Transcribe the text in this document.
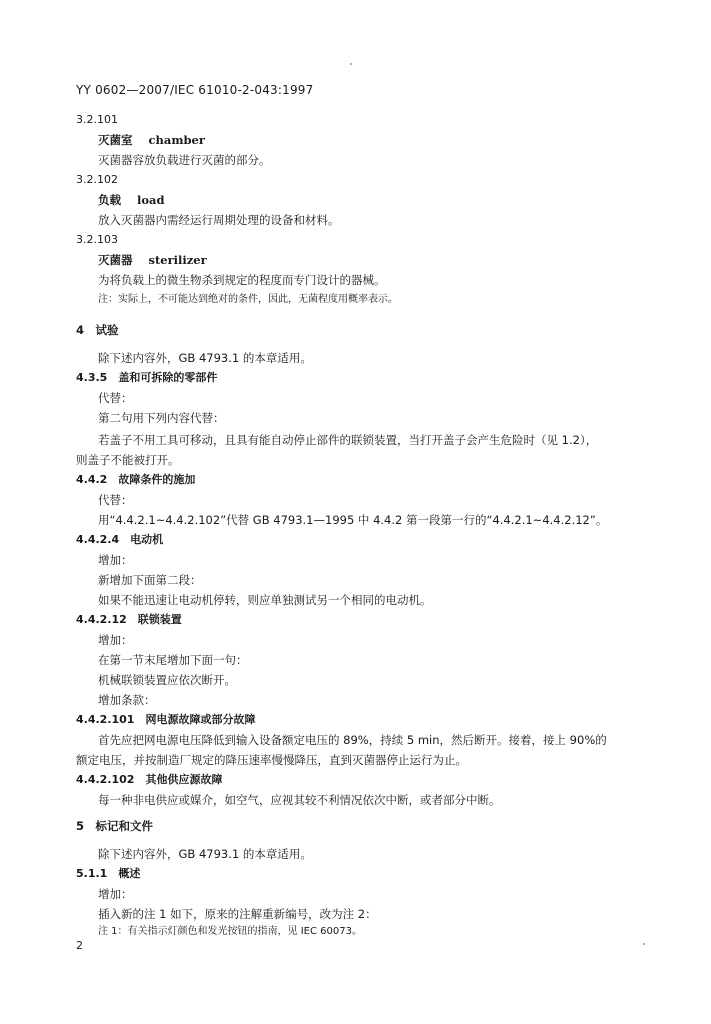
YY 0602—2007/IEC 61010-2-043:1997
3.2.101
灭菌室 chamber
灭菌器容放负载进行灭菌的部分。
3.2.102
负载 load
放入灭菌器内需经运行周期处理的设备和材料。
3.2.103
灭菌器 sterilizer
为将负载上的微生物杀到规定的程度而专门设计的器械。
注：实际上，不可能达到绝对的条件，因此，无菌程度用概率表示。
4　试验
除下述内容外，GB 4793.1 的本章适用。
4.3.5　盖和可拆除的零部件
代替：
第二句用下列内容代替：
若盖子不用工具可移动，且具有能自动停止部件的联锁装置，当打开盖子会产生危险时（见 1.2），
则盖子不能被打开。
4.4.2　故障条件的施加
代替：
用“4.4.2.1~4.4.2.102”代替 GB 4793.1—1995 中 4.4.2 第一段第一行的“4.4.2.1~4.4.2.12”。
4.4.2.4　电动机
增加：
新增加下面第二段：
如果不能迅速让电动机停转，则应单独测试另一个相同的电动机。
4.4.2.12　联锁装置
增加：
在第一节末尾增加下面一句：
机械联锁装置应依次断开。
增加条款：
4.4.2.101　网电源故障或部分故障
首先应把网电源电压降低到输入设备额定电压的 89%，持续 5 min，然后断开。接着，接上 90%的
额定电压，并按制造厂规定的降压速率慢慢降压，直到灭菌器停止运行为止。
4.4.2.102　其他供应源故障
每一种非电供应或媒介，如空气，应视其较不利情况依次中断，或者部分中断。
5　标记和文件
除下述内容外，GB 4793.1 的本章适用。
5.1.1　概述
增加：
插入新的注 1 如下，原来的注解重新编号，改为注 2：
注 1：有关指示灯颜色和发光按钮的指南，见 IEC 60073。
2
